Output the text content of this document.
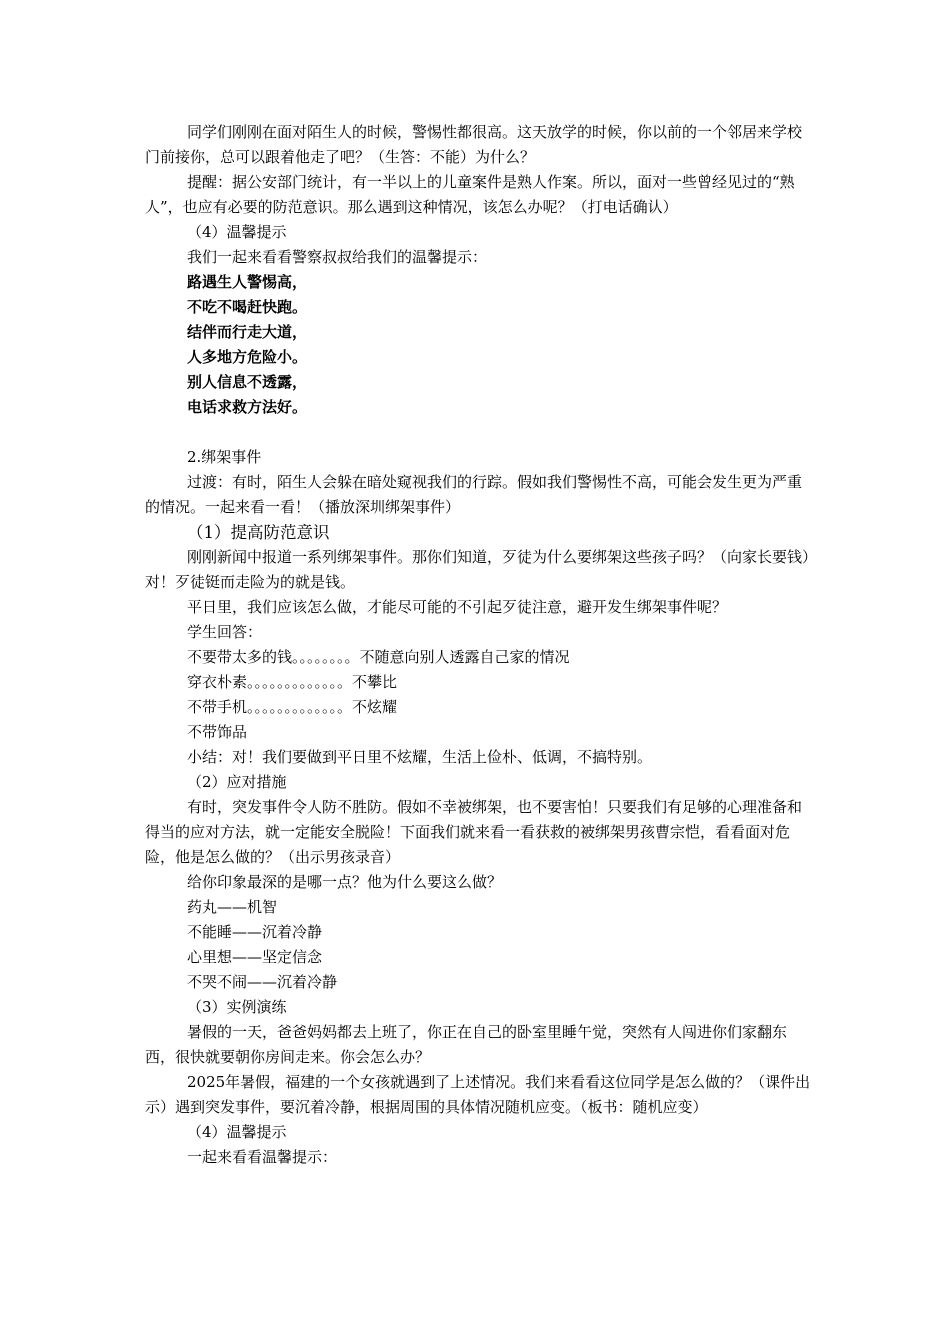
同学们刚刚在面对陌生人的时候，警惕性都很高。这天放学的时候，你以前的一个邻居来学校门前接你，总可以跟着他走了吧？（生答：不能）为什么？

提醒：据公安部门统计，有一半以上的儿童案件是熟人作案。所以，面对一些曾经见过的“熟人”，也应有必要的防范意识。那么遇到这种情况，该怎么办呢？（打电话确认）

（4）温馨提示

我们一起来看看警察叔叔给我们的温馨提示：

路遇生人警惕高，

不吃不喝赶快跑。

结伴而行走大道，

人多地方危险小。

别人信息不透露，

电话求救方法好。

2.绑架事件

过渡：有时，陌生人会躲在暗处窥视我们的行踪。假如我们警惕性不高，可能会发生更为严重的情况。一起来看一看！（播放深圳绑架事件）

（1）提高防范意识

刚刚新闻中报道一系列绑架事件。那你们知道，歹徒为什么要绑架这些孩子吗？（向家长要钱）对！歹徒铤而走险为的就是钱。

平日里，我们应该怎么做，才能尽可能的不引起歹徒注意，避开发生绑架事件呢？

学生回答：

不要带太多的钱。。。。。。。。不随意向别人透露自己家的情况

穿衣朴素。。。。。。。。。。。。。不攀比

不带手机。。。。。。。。。。。。。不炫耀

不带饰品

小结：对！我们要做到平日里不炫耀，生活上俭朴、低调，不搞特别。

（2）应对措施

有时，突发事件令人防不胜防。假如不幸被绑架，也不要害怕！只要我们有足够的心理准备和得当的应对方法，就一定能安全脱险！下面我们就来看一看获救的被绑架男孩曹宗恺，看看面对危险，他是怎么做的？（出示男孩录音）

给你印象最深的是哪一点？他为什么要这么做？

药丸——机智

不能睡——沉着冷静

心里想——坚定信念

不哭不闹——沉着冷静

（3）实例演练

暑假的一天，爸爸妈妈都去上班了，你正在自己的卧室里睡午觉，突然有人闯进你们家翻东西，很快就要朝你房间走来。你会怎么办？

2025年暑假，福建的一个女孩就遇到了上述情况。我们来看看这位同学是怎么做的？（课件出示）遇到突发事件，要沉着冷静，根据周围的具体情况随机应变。（板书：随机应变）

（4）温馨提示

一起来看看温馨提示：
